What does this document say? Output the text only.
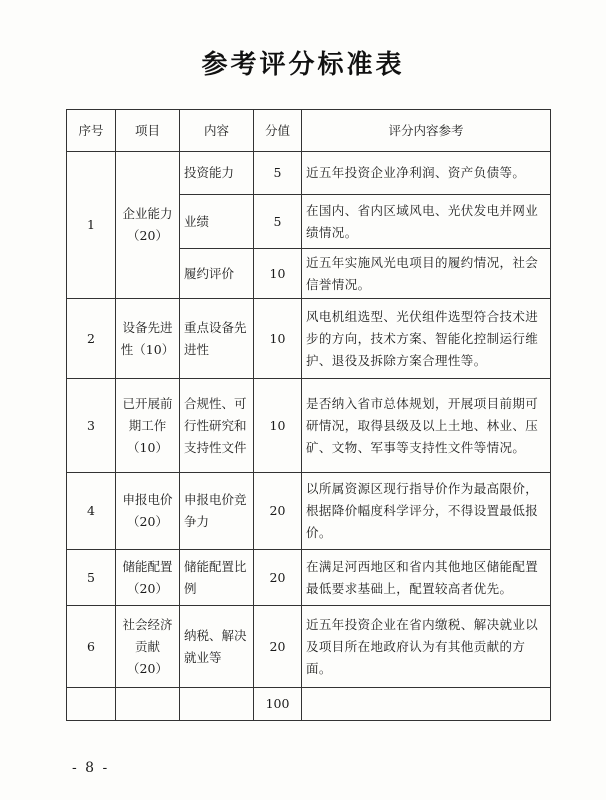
参考评分标准表
序号	项目	内容	分值	评分内容参考
1	企业能力（20）	投资能力	5	近五年投资企业净利润、资产负债等。
		业绩	5	在国内、省内区域风电、光伏发电并网业绩情况。
		履约评价	10	近五年实施风光电项目的履约情况，社会信誉情况。
2	设备先进性（10）	重点设备先进性	10	风电机组选型、光伏组件选型符合技术进步的方向，技术方案、智能化控制运行维护、退役及拆除方案合理性等。
3	已开展前期工作（10）	合规性、可行性研究和支持性文件	10	是否纳入省市总体规划，开展项目前期可研情况，取得县级及以上土地、林业、压矿、文物、军事等支持性文件等情况。
4	申报电价（20）	申报电价竞争力	20	以所属资源区现行指导价作为最高限价，根据降价幅度科学评分，不得设置最低报价。
5	储能配置（20）	储能配置比例	20	在满足河西地区和省内其他地区储能配置最低要求基础上，配置较高者优先。
6	社会经济贡献（20）	纳税、解决就业等	20	近五年投资企业在省内缴税、解决就业以及项目所在地政府认为有其他贡献的方面。
			100	
- 8 -
